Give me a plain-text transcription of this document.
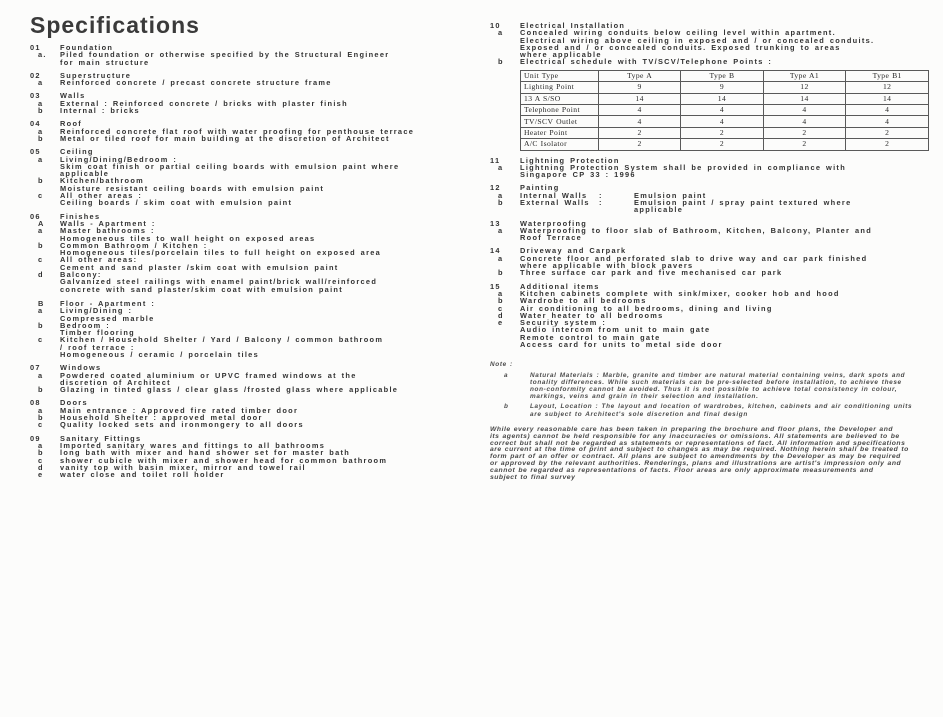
Specifications
01	Foundation
a.	Piled foundation or otherwise specified by the Structural Engineer
for main structure
02	Superstructure
a	Reinforced concrete / precast concrete structure frame
03	Walls
a	External : Reinforced concrete / bricks with plaster finish
b	Internal : bricks
04	Roof
a	Reinforced concrete flat roof with water proofing for penthouse terrace
b	Metal or tiled roof for main building at the discretion of Architect
05	Ceiling
a	Living/Dining/Bedroom :
Skim coat finish or partial ceiling boards with emulsion paint where
applicable
b	Kitchen/bathroom
Moisture resistant ceiling boards with emulsion paint
c	All other areas :
Ceiling boards / skim coat with emulsion paint
06	Finishes
A	Walls - Apartment :
a	Master bathrooms :
Homogeneous tiles to wall height on exposed areas
b	Common Bathroom / Kitchen :
Homogeneous tiles/porcelain tiles to full height on exposed area
c	All other areas:
Cement and sand plaster /skim coat with emulsion paint
d	Balcony:
Galvanized steel railings with enamel paint/brick wall/reinforced
concrete with sand plaster/skim coat with emulsion paint
B	Floor - Apartment :
a	Living/Dining :
Compressed marble
b	Bedroom :
Timber flooring
c	Kitchen / Household Shelter / Yard / Balcony / common bathroom
/ roof terrace :
Homogeneous / ceramic / porcelain tiles
07	Windows
a	Powdered coated aluminium or UPVC framed windows at the
discretion of Architect
b	Glazing in tinted glass / clear glass /frosted glass where applicable
08	Doors
a	Main entrance : Approved fire rated timber door
b	Household Shelter : approved metal door
c	Quality locked sets and ironmongery to all doors
09	Sanitary Fittings
a	Imported sanitary wares and fittings to all bathrooms
b	long bath with mixer and hand shower set for master bath
c	shower cubicle with mixer and shower head for common bathroom
d	vanity top with basin mixer, mirror and towel rail
e	water close and toilet roll holder
10	Electrical Installation
a	Concealed wiring conduits below ceiling level within apartment.
Electrical wiring above ceiling in exposed and / or concealed conduits.
Exposed and / or concealed conduits. Exposed trunking to areas
where applicable
b	Electrical schedule with TV/SCV/Telephone Points :
Unit Type	Type A	Type B	Type A1	Type B1
Lighting Point	9	9	12	12
13 A S/SO	14	14	14	14
Telephone Point	4	4	4	4
TV/SCV Outlet	4	4	4	4
Heater Point	2	2	2	2
A/C Isolator	2	2	2	2
11	Lightning Protection
a	Lightning Protection System shall be provided in compliance with
Singapore CP 33 : 1996
12	Painting
a	Internal Walls	:	Emulsion paint
b	External Walls	:	Emulsion paint / spray paint textured where
applicable
13	Waterproofing
a	Waterproofing to floor slab of Bathroom, Kitchen, Balcony, Planter and
Roof Terrace
14	Driveway and Carpark
a	Concrete floor and perforated slab to drive way and car park finished
where applicable with block pavers
b	Three surface car park and five mechanised car park
15	Additional items
a	Kitchen cabinets complete with sink/mixer, cooker hob and hood
b	Wardrobe to all bedrooms
c	Air conditioning to all bedrooms, dining and living
d	Water heater to all bedrooms
e	Security system :
Audio intercom from unit to main gate
Remote control to main gate
Access card for units to metal side door
Note :
a	Natural Materials : Marble, granite and timber are natural material containing veins, dark spots and
tonality differences. While such materials can be pre-selected before installation, to achieve these
non-conformity cannot be avoided. Thus it is not possible to achieve total consistency in colour,
markings, veins and grain in their selection and installation.
b	Layout, Location : The layout and location of wardrobes, kitchen, cabinets and air conditioning units
are subject to Architect's sole discretion and final design
While every reasonable care has been taken in preparing the brochure and floor plans, the Developer and
its agents) cannot be held responsible for any inaccuracies or omissions. All statements are believed to be
correct but shall not be regarded as statements or representations of fact. All information and specifications
are current at the time of print and subject to changes as may be required. Nothing herein shall be treated to
form part of an offer or contract. All plans are subject to amendments by the Developer as may be required
or approved by the relevant authorities. Renderings, plans and illustrations are artist's impression only and
cannot be regarded as representations of facts. Floor areas are only approximate measurements and
subject to final survey
